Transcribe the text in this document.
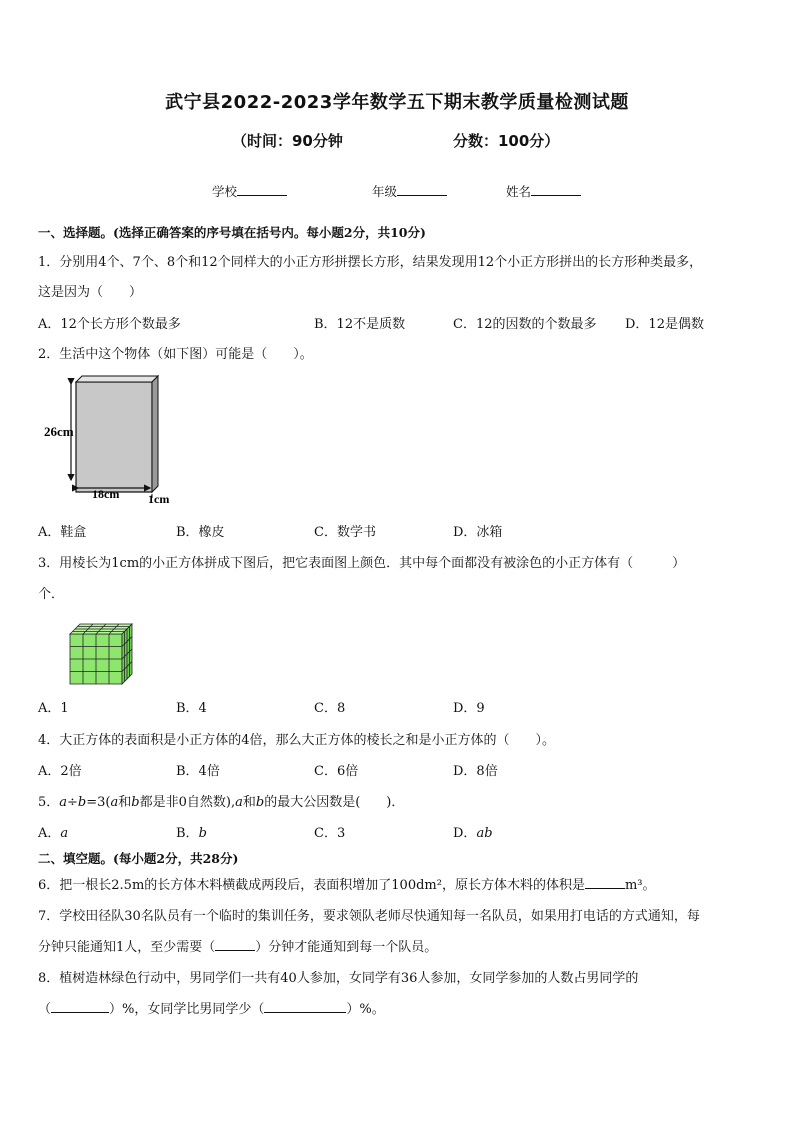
武宁县2022-2023学年数学五下期末教学质量检测试题
（时间：90分钟	分数：100分）
学校	年级	姓名
一、选择题。(选择正确答案的序号填在括号内。每小题2分，共10分)
1．分别用4个、7个、8个和12个同样大的小正方形拼摆长方形，结果发现用12个小正方形拼出的长方形种类最多，
这是因为（　　）
A．12个长方形个数最多	B．12不是质数	C．12的因数的个数最多 D．12是偶数
2．生活中这个物体（如下图）可能是（　　）。
26cm
18cm 1cm
A．鞋盒	B．橡皮	C．数学书	D．冰箱
3．用棱长为1cm的小正方体拼成下图后，把它表面图上颜色．其中每个面都没有被涂色的小正方体有（　　　）
个．
A．1	B．4	C．8	D．9
4．大正方体的表面积是小正方体的4倍，那么大正方体的棱长之和是小正方体的（　　）。
A．2倍	B．4倍	C．6倍	D．8倍
5．a÷b=3(a和b都是非0自然数),a和b的最大公因数是(　　)．
A．a	B．b	C．3	D．ab
二、填空题。(每小题2分，共28分)
6．把一根长2.5m的长方体木料横截成两段后，表面积增加了100dm²，原长方体木料的体积是	m³。
7．学校田径队30名队员有一个临时的集训任务，要求领队老师尽快通知每一名队员，如果用打电话的方式通知，每
分钟只能通知1人，至少需要（	）分钟才能通知到每一个队员。
8．植树造林绿色行动中，男同学们一共有40人参加，女同学有36人参加，女同学参加的人数占男同学的
（	）%，女同学比男同学少（	）%。
